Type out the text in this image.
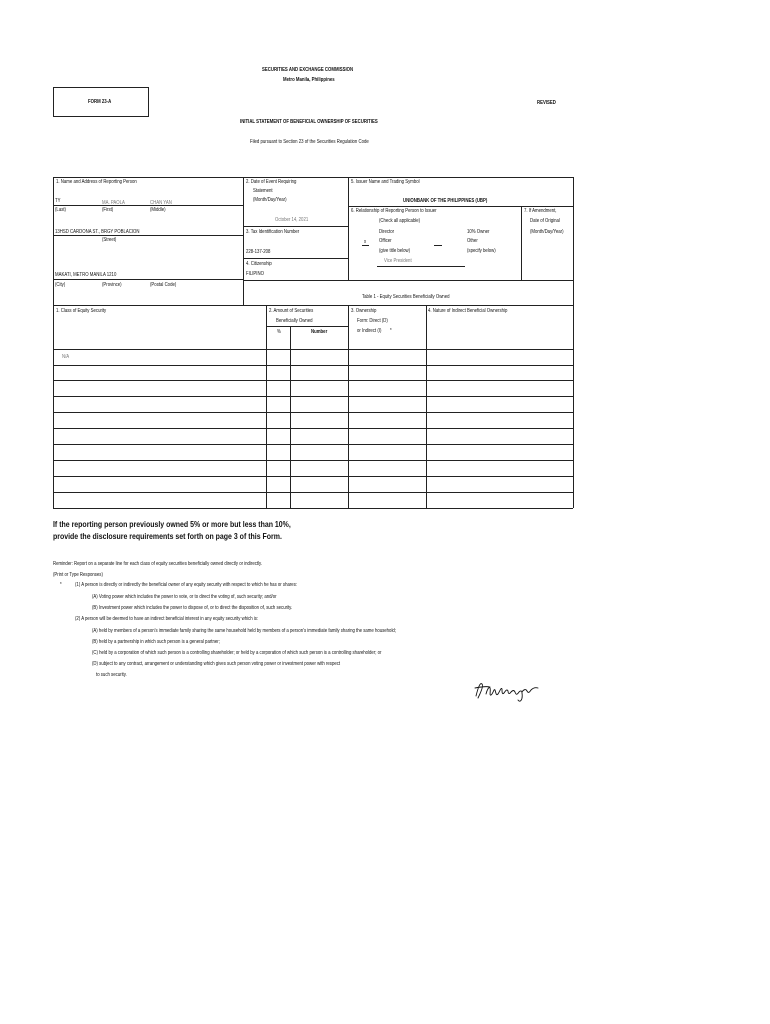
SECURITIES AND EXCHANGE COMMISSION
Metro Manila, Philippines
FORM 23-A	REVISED
INITIAL STATEMENT OF BENEFICIAL OWNERSHIP OF SECURITIES
Filed pursuant to Section 23 of the Securities Regulation Code
1. Name and Address of Reporting Person
TY	MA. PAOLA	CHAN YAN
(Last)	(First)	(Middle)
13HSD CARDONA ST., BRGY POBLACION
(Street)
MAKATI, METRO MANILA 1210
(City)	(Province)	(Postal Code)
2. Date of Event Requiring
Statement
(Month/Day/Year)
October 14, 2021
3. Tax Identification Number
228-137-208
4. Citizenship
FILIPINO
5. Issuer Name and Trading Symbol
UNIONBANK OF THE PHILIPPINES (UBP)
6. Relationship of Reporting Person to Issuer
(Check all applicable)
Director	10% Owner
x	Officer	Other
(give title below)	(specify below)
Vice President
7. If Amendment,
Date of Original
(Month/Day/Year)
Table 1 - Equity Securities Beneficially Owned
1. Class of Equity Security	2. Amount of Securities
Beneficially Owned
%	Number
3. Ownership
Form: Direct (D)
or Indirect (I) *
4. Nature of Indirect Beneficial Ownership
N/A
If the reporting person previously owned 5% or more but less than 10%,
provide the disclosure requirements set forth on page 3 of this Form.
Reminder: Report on a separate line for each class of equity securities beneficially owned directly or indirectly.
(Print or Type Responses)
*	(1) A person is directly or indirectly the beneficial owner of any equity security with respect to which he has or shares:
(A) Voting power which includes the power to vote, or to direct the voting of, such security; and/or
(B) Investment power which includes the power to dispose of, or to direct the disposition of, such security.
(2) A person will be deemed to have an indirect beneficial interest in any equity security which is:
(A) held by members of a person's immediate family sharing the same household held by members of a person's immediate family sharing the same household;
(B) held by a partnership in which such person is a general partner;
(C) held by a corporation of which such person is a controlling shareholder; or held by a corporation of which such person is a controlling shareholder; or
(D) subject to any contract, arrangement or understanding which gives such person voting power or investment power with respect
to such security.
